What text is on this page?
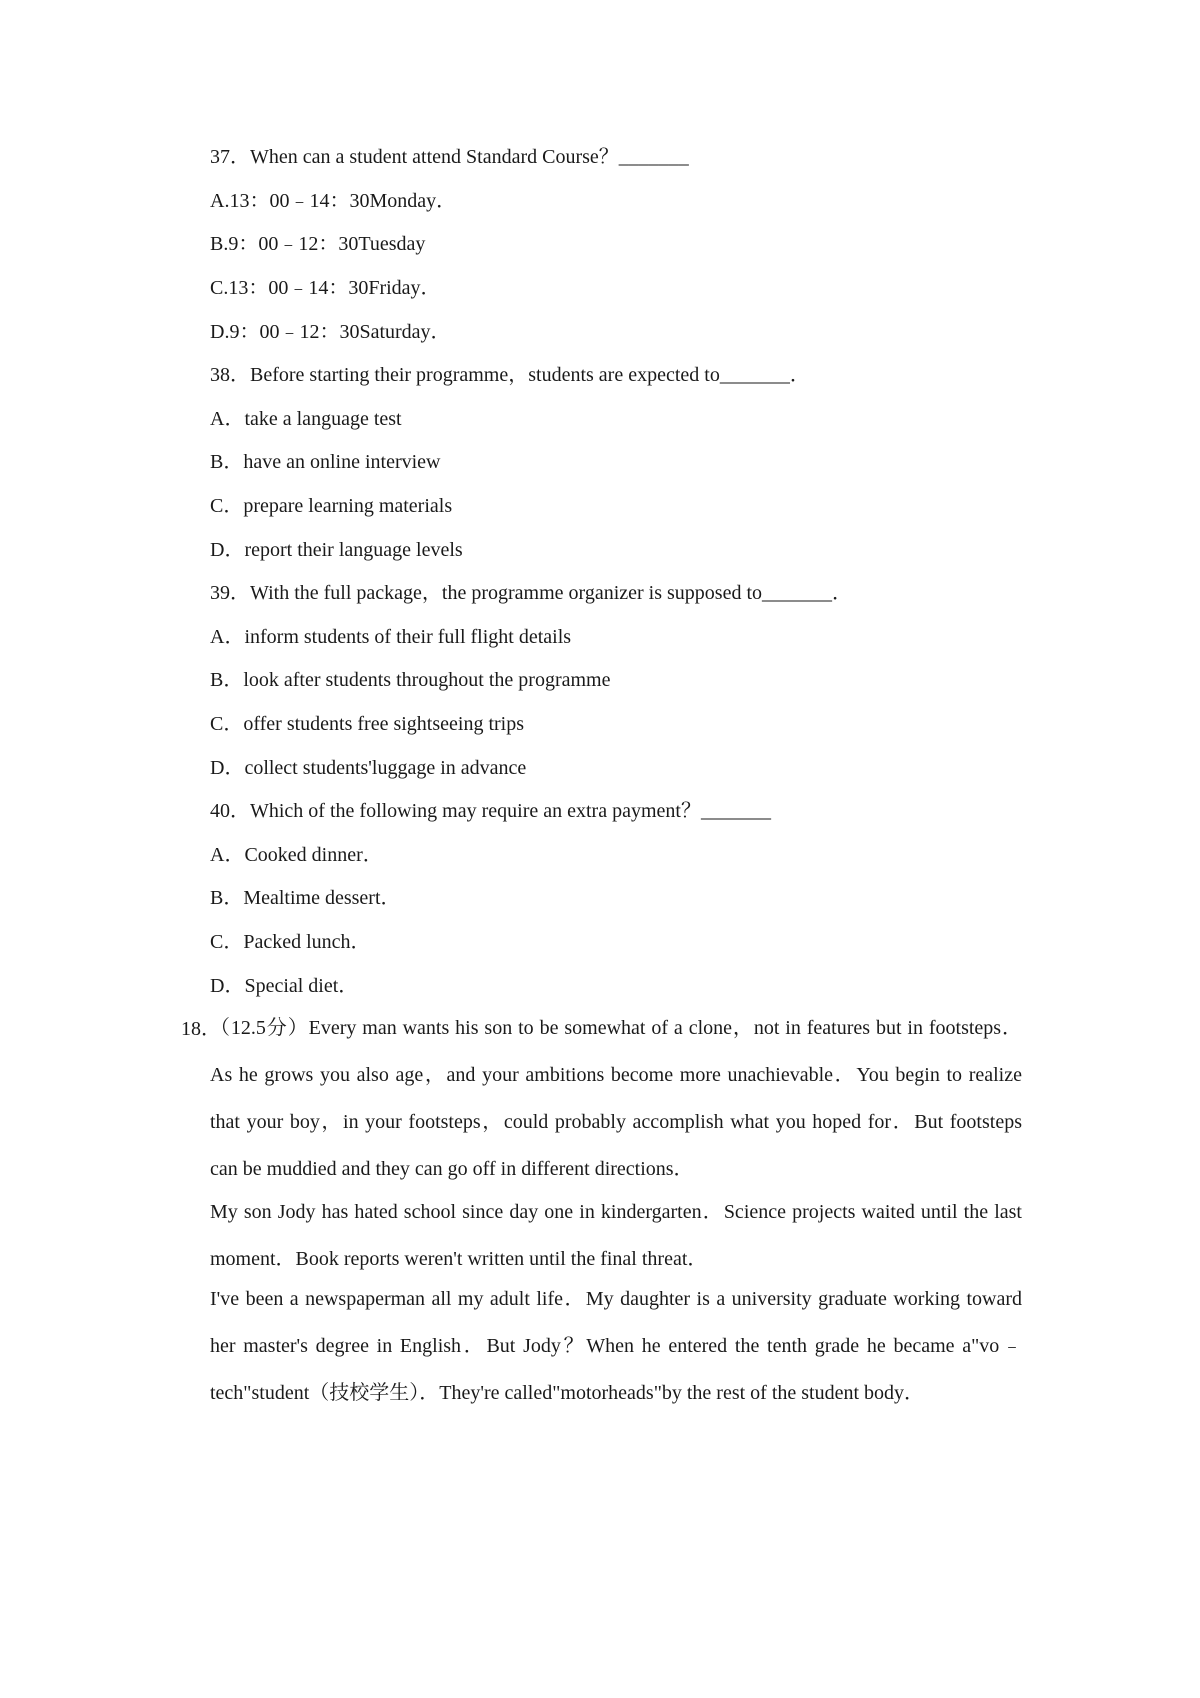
37．When can a student attend Standard Course？_______
A.13：00﹣14：30Monday．
B.9：00﹣12：30Tuesday
C.13：00﹣14：30Friday．
D.9：00﹣12：30Saturday．
38．Before starting their programme，students are expected to_______．
A．take a language test
B．have an online interview
C．prepare learning materials
D．report their language levels
39．With the full package，the programme organizer is supposed to_______．
A．inform students of their full flight details
B．look after students throughout the programme
C．offer students free sightseeing trips
D．collect students'luggage in advance
40．Which of the following may require an extra payment？_______
A．Cooked dinner．
B．Mealtime dessert．
C．Packed lunch．
D．Special diet．
18．
（12.5分）Every man wants his son to be somewhat of a clone，not in features but in footsteps．As he grows you also age，and your ambitions become more unachievable．You begin to realize that your boy，in your footsteps，could probably accomplish what you hoped for．But footsteps can be muddied and they can go off in different directions．
My son Jody has hated school since day one in kindergarten．Science projects waited until the last moment．Book reports weren't written until the final threat．
I've been a newspaperman all my adult life．My daughter is a university graduate working toward her master's degree in English．But Jody？When he entered the tenth grade he became a"vo﹣tech"student（技校学生）．They're called"motorheads"by the rest of the student body．
